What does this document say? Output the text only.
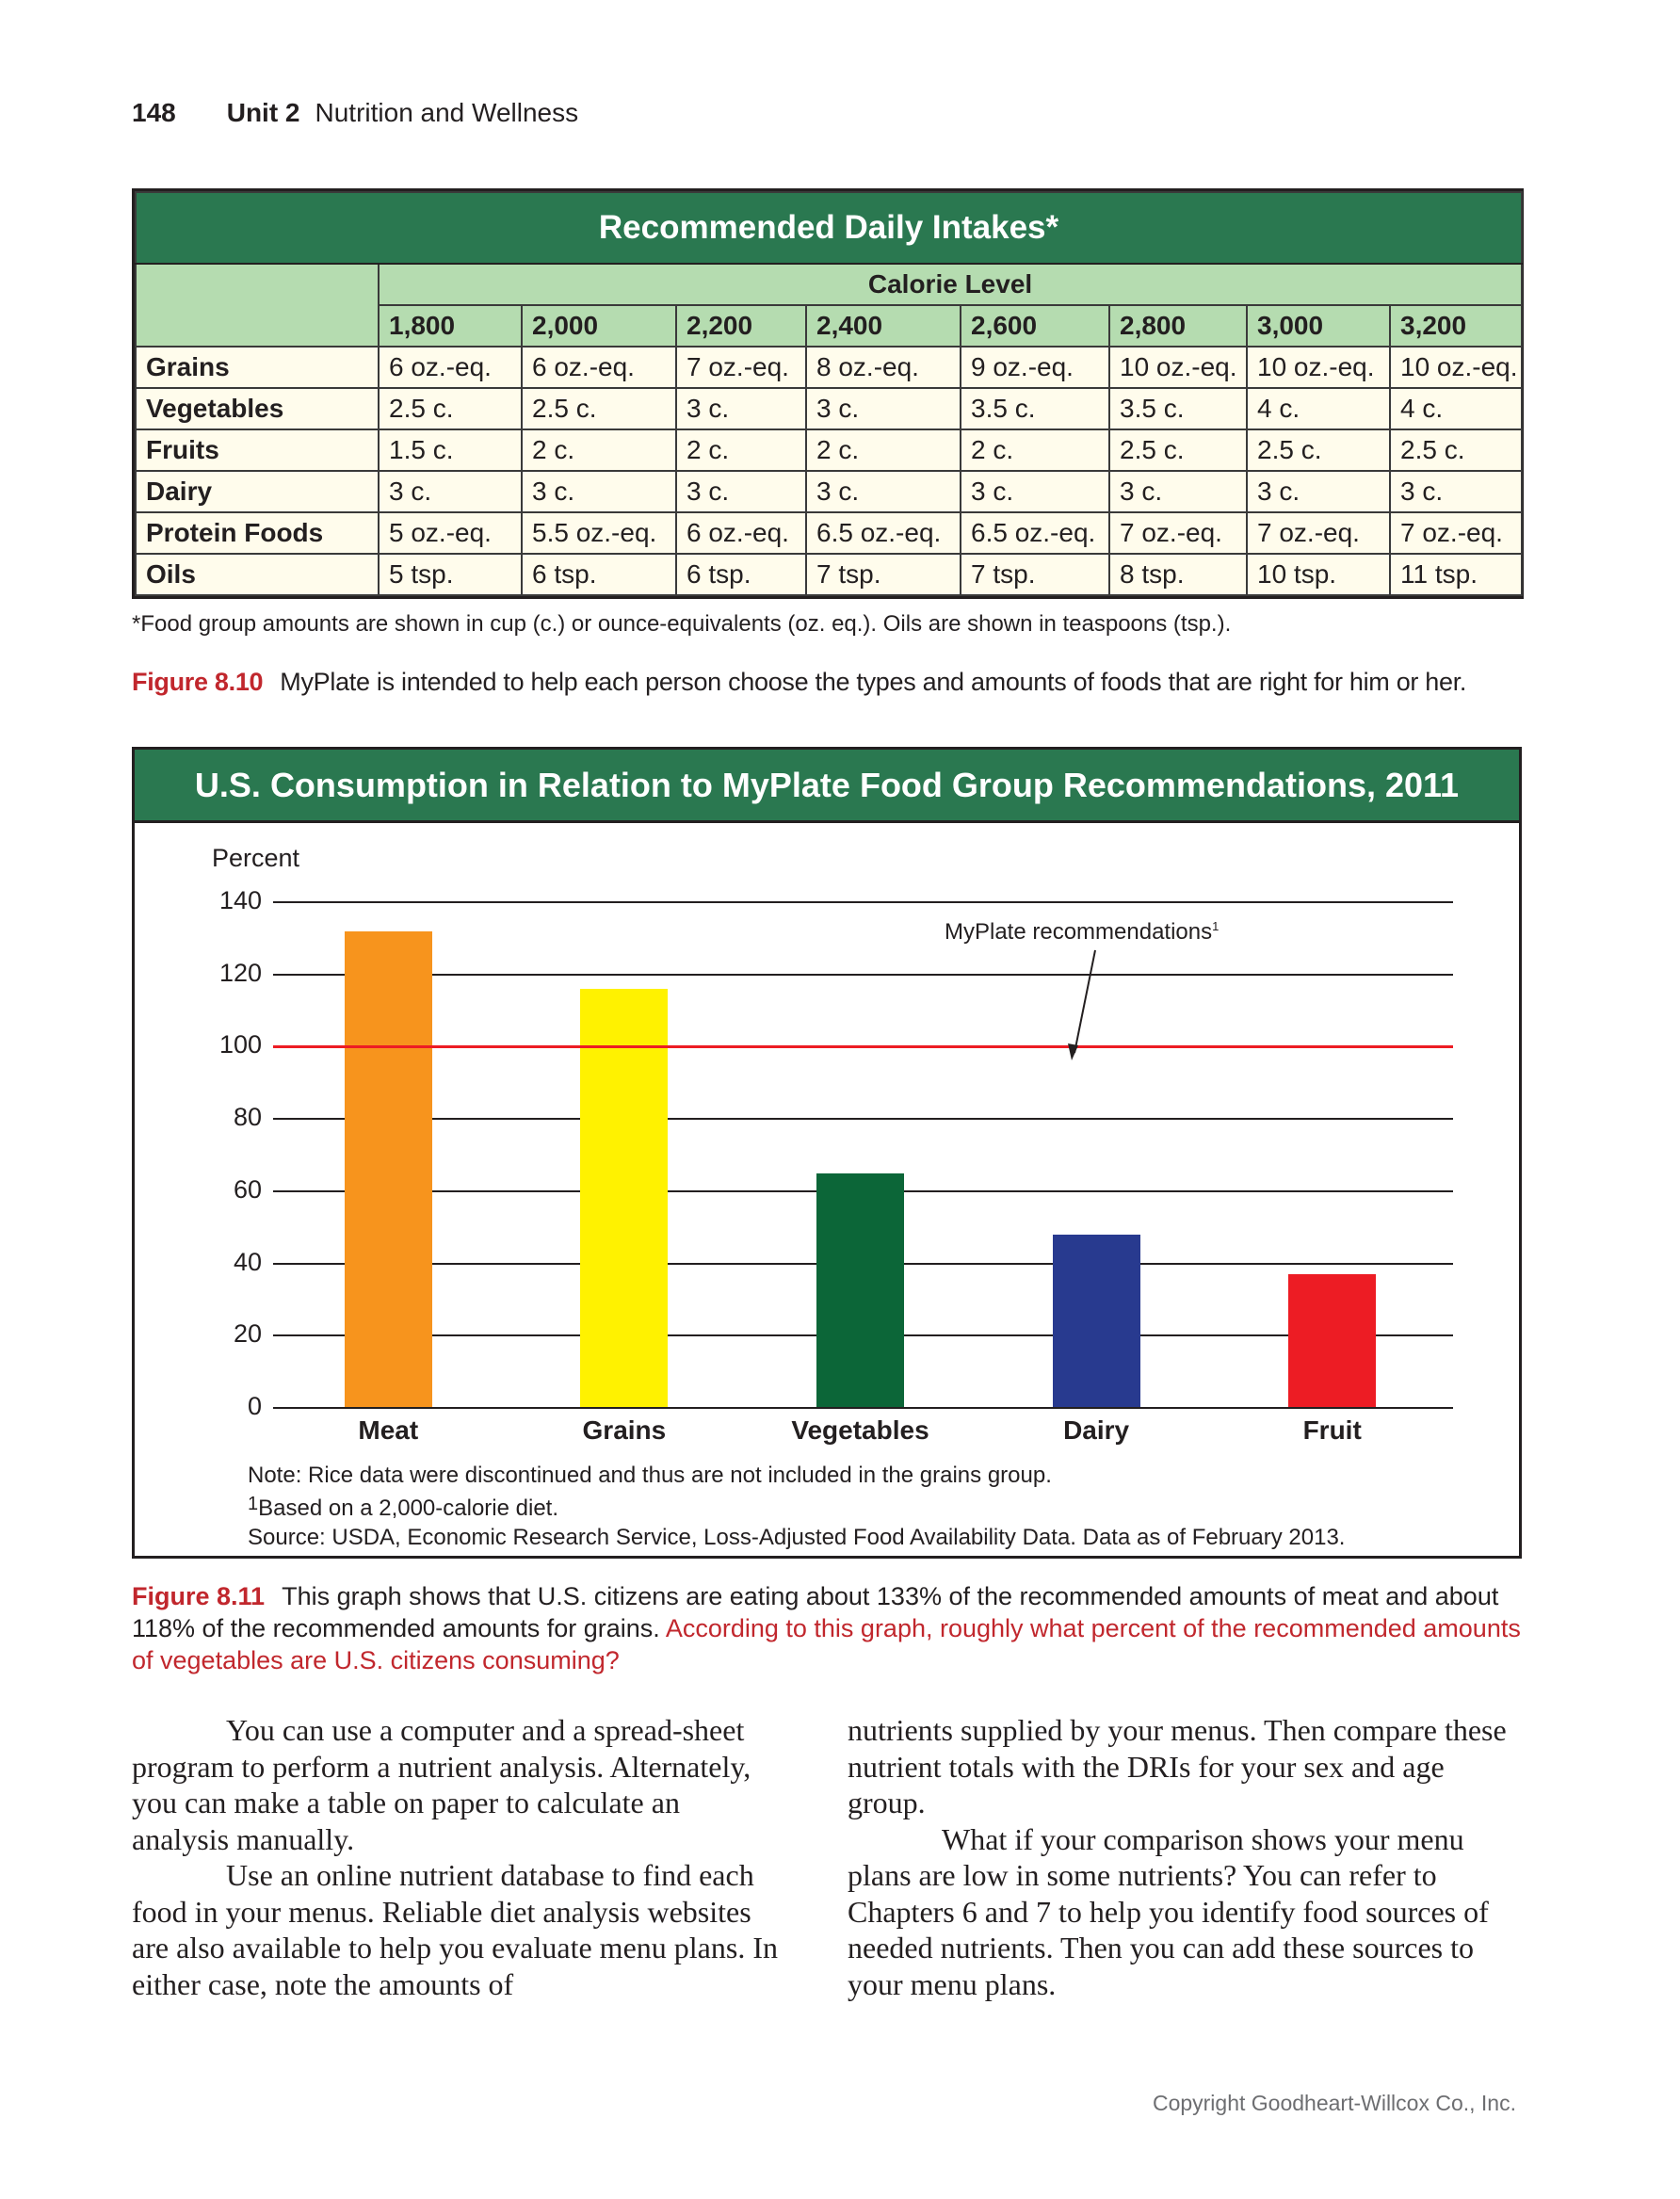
148 Unit 2 Nutrition and Wellness
Recommended Daily Intakes*								
	Calorie Level							
	1,800	2,000	2,200	2,400	2,600	2,800	3,000	3,200
Grains	6 oz.-eq.	6 oz.-eq.	7 oz.-eq.	8 oz.-eq.	9 oz.-eq.	10 oz.-eq.	10 oz.-eq.	10 oz.-eq.
Vegetables	2.5 c.	2.5 c.	3 c.	3 c.	3.5 c.	3.5 c.	4 c.	4 c.
Fruits	1.5 c.	2 c.	2 c.	2 c.	2 c.	2.5 c.	2.5 c.	2.5 c.
Dairy	3 c.	3 c.	3 c.	3 c.	3 c.	3 c.	3 c.	3 c.
Protein Foods	5 oz.-eq.	5.5 oz.-eq.	6 oz.-eq.	6.5 oz.-eq.	6.5 oz.-eq.	7 oz.-eq.	7 oz.-eq.	7 oz.-eq.
Oils	5 tsp.	6 tsp.	6 tsp.	7 tsp.	7 tsp.	8 tsp.	10 tsp.	11 tsp.
*Food group amounts are shown in cup (c.) or ounce-equivalents (oz. eq.). Oils are shown in teaspoons (tsp.).
Figure 8.10 MyPlate is intended to help each person choose the types and amounts of foods that are right for him or her.
U.S. Consumption in Relation to MyPlate Food Group Recommendations, 2011
Percent
0
20
40
60
80
100
120
140
Meat	Grains	Vegetables	Dairy	Fruit
MyPlate recommendations$^1$
Note: Rice data were discontinued and thus are not included in the grains group.
$^1$Based on a 2,000-calorie diet.
Source: USDA, Economic Research Service, Loss-Adjusted Food Availability Data. Data as of February 2013.
Figure 8.11 This graph shows that U.S. citizens are eating about 133% of the recommended amounts of meat and about 118% of the recommended amounts for grains. According to this graph, roughly what percent of the recommended amounts of vegetables are U.S. citizens consuming?

You can use a computer and a spread-sheet program to perform a nutrient analysis. Alternately, you can make a table on paper to calculate an analysis manually.

Use an online nutrient database to find each food in your menus. Reliable diet analysis websites are also available to help you evaluate menu plans. In either case, note the amounts of

nutrients supplied by your menus. Then compare these nutrient totals with the DRIs for your sex and age group.

What if your comparison shows your menu plans are low in some nutrients? You can refer to Chapters 6 and 7 to help you identify food sources of needed nutrients. Then you can add these sources to your menu plans.

Copyright Goodheart-Willcox Co., Inc.
